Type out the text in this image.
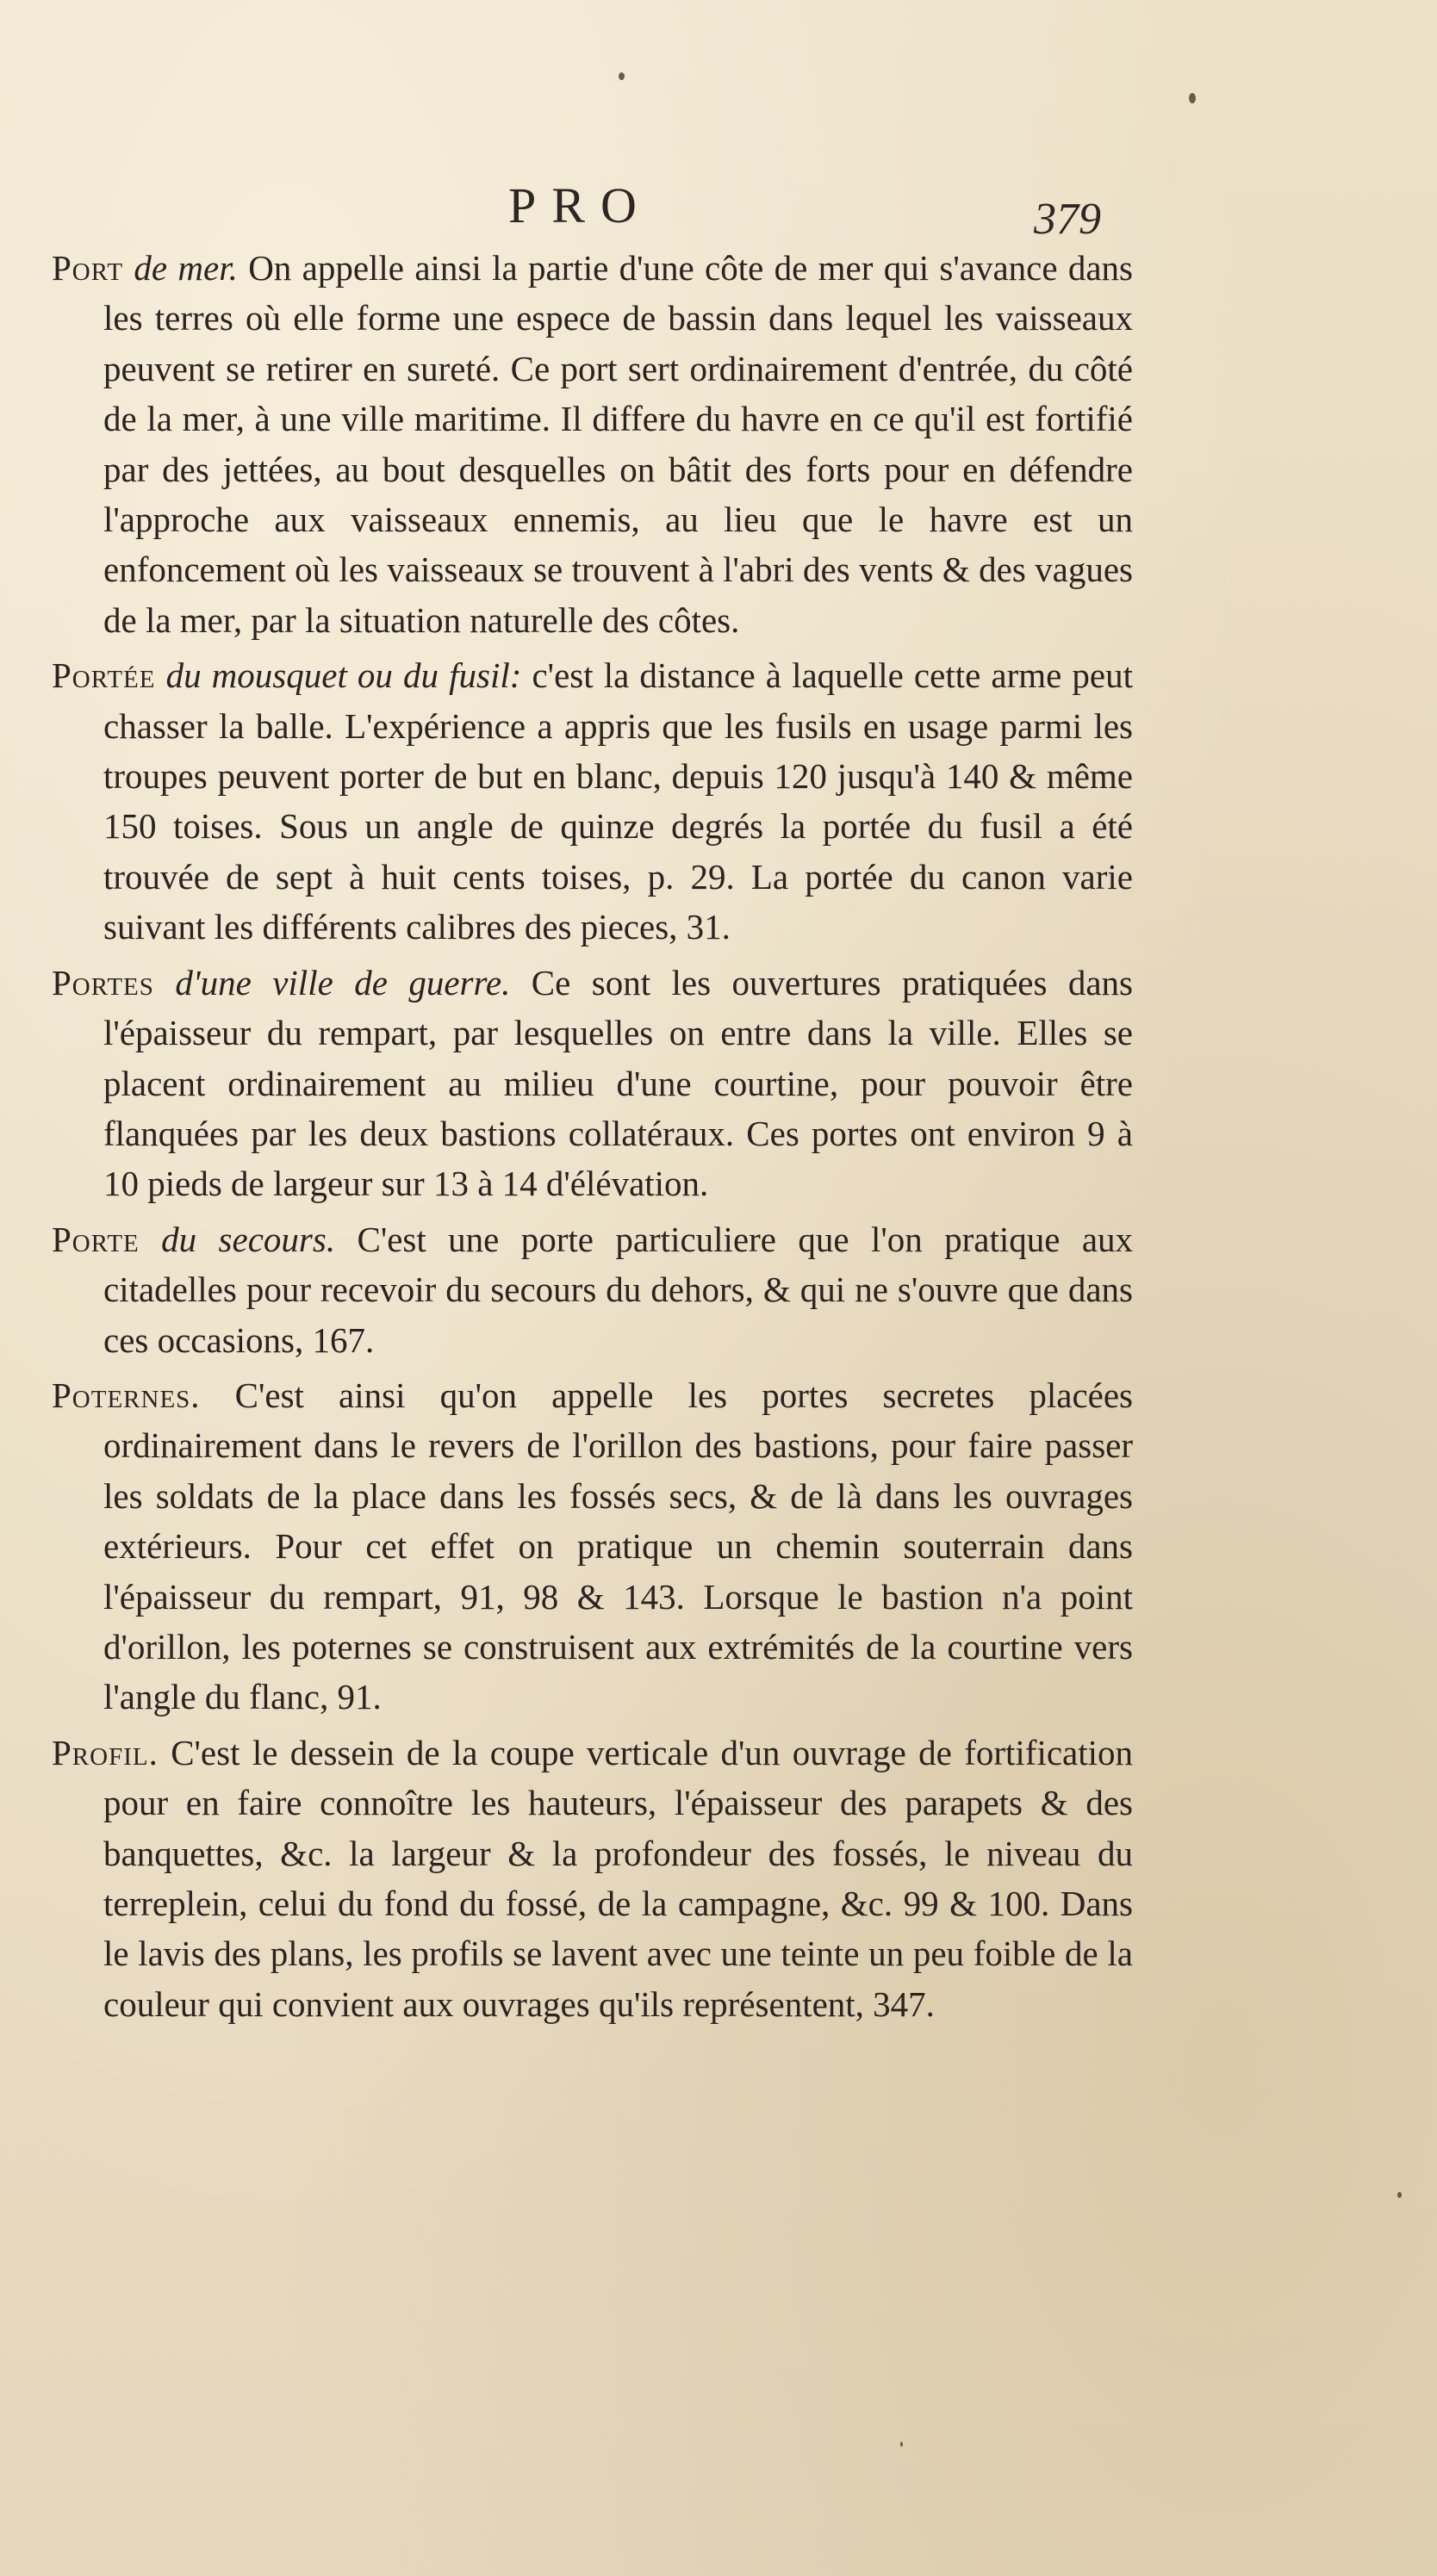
PRO	379

Port de mer. On appelle ainsi la partie d'une côte de mer qui s'avance dans les terres où elle forme une espece de bassin dans lequel les vaisseaux peuvent se retirer en sureté. Ce port sert ordinairement d'entrée, du côté de la mer, à une ville maritime. Il differe du havre en ce qu'il est fortifié par des jettées, au bout desquelles on bâtit des forts pour en défendre l'approche aux vaisseaux ennemis, au lieu que le havre est un enfoncement où les vaisseaux se trouvent à l'abri des vents & des vagues de la mer, par la situation naturelle des côtes.

Portée du mousquet ou du fusil: c'est la distance à laquelle cette arme peut chasser la balle. L'expérience a appris que les fusils en usage parmi les troupes peuvent porter de but en blanc, depuis 120 jusqu'à 140 & même 150 toises. Sous un angle de quinze degrés la portée du fusil a été trouvée de sept à huit cents toises, p. 29. La portée du canon varie suivant les différents calibres des pieces, 31.

Portes d'une ville de guerre. Ce sont les ouvertures pratiquées dans l'épaisseur du rempart, par lesquelles on entre dans la ville. Elles se placent ordinairement au milieu d'une courtine, pour pouvoir être flanquées par les deux bastions collatéraux. Ces portes ont environ 9 à 10 pieds de largeur sur 13 à 14 d'élévation.

Porte du secours. C'est une porte particuliere que l'on pratique aux citadelles pour recevoir du secours du dehors, & qui ne s'ouvre que dans ces occasions, 167.

Poternes. C'est ainsi qu'on appelle les portes secretes placées ordinairement dans le revers de l'orillon des bastions, pour faire passer les soldats de la place dans les fossés secs, & de là dans les ouvrages extérieurs. Pour cet effet on pratique un chemin souterrain dans l'épaisseur du rempart, 91, 98 & 143. Lorsque le bastion n'a point d'orillon, les poternes se construisent aux extrémités de la courtine vers l'angle du flanc, 91.

Profil. C'est le dessein de la coupe verticale d'un ouvrage de fortification pour en faire connoître les hauteurs, l'épaisseur des parapets & des banquettes, &c. la largeur & la profondeur des fossés, le niveau du terreplein, celui du fond du fossé, de la campagne, &c. 99 & 100. Dans le lavis des plans, les profils se lavent avec une teinte un peu foible de la couleur qui convient aux ouvrages qu'ils représentent, 347.
